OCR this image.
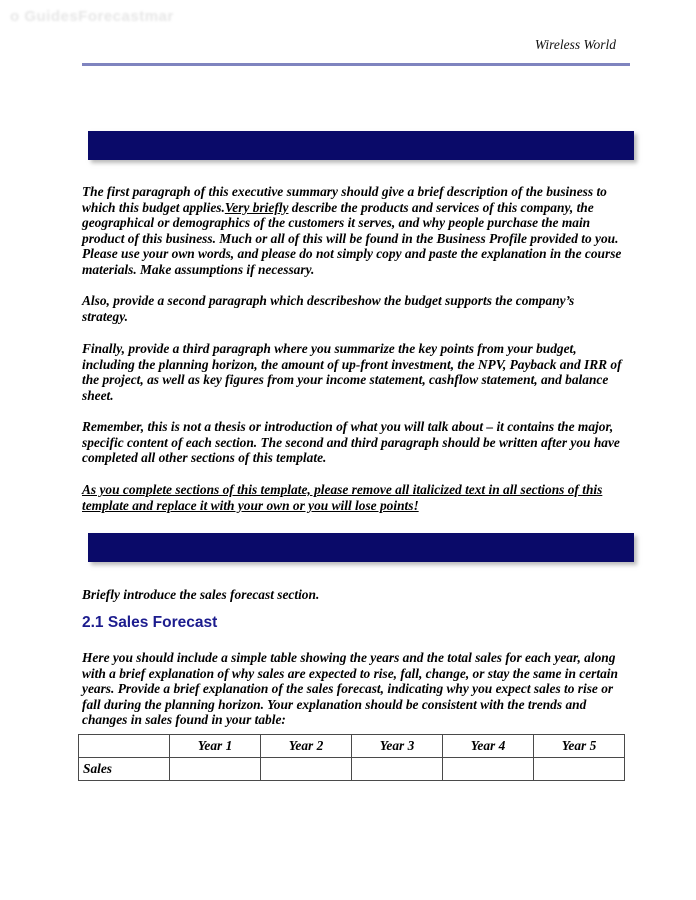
o GuidesForecastmar
Wireless World
The first paragraph of this executive summary should give a brief description of the business to which this budget applies.Very briefly describe the products and services of this company, the geographical or demographics of the customers it serves, and why people purchase the main product of this business. Much or all of this will be found in the Business Profile provided to you. Please use your own words, and please do not simply copy and paste the explanation in the course materials. Make assumptions if necessary.
Also, provide a second paragraph which describeshow the budget supports the company’s strategy.
Finally, provide a third paragraph where you summarize the key points from your budget, including the planning horizon, the amount of up-front investment, the NPV, Payback and IRR of the project, as well as key figures from your income statement, cashflow statement, and balance sheet.
Remember, this is not a thesis or introduction of what you will talk about – it contains the major, specific content of each section. The second and third paragraph should be written after you have completed all other sections of this template.
As you complete sections of this template, please remove all italicized text in all sections of this template and replace it with your own or you will lose points!
Briefly introduce the sales forecast section.
2.1 Sales Forecast
Here you should include a simple table showing the years and the total sales for each year, along with a brief explanation of why sales are expected to rise, fall, change, or stay the same in certain years. Provide a brief explanation of the sales forecast, indicating why you expect sales to rise or fall during the planning horizon. Your explanation should be consistent with the trends and changes in sales found in your table:
	Year 1	Year 2	Year 3	Year 4	Year 5
Sales					
